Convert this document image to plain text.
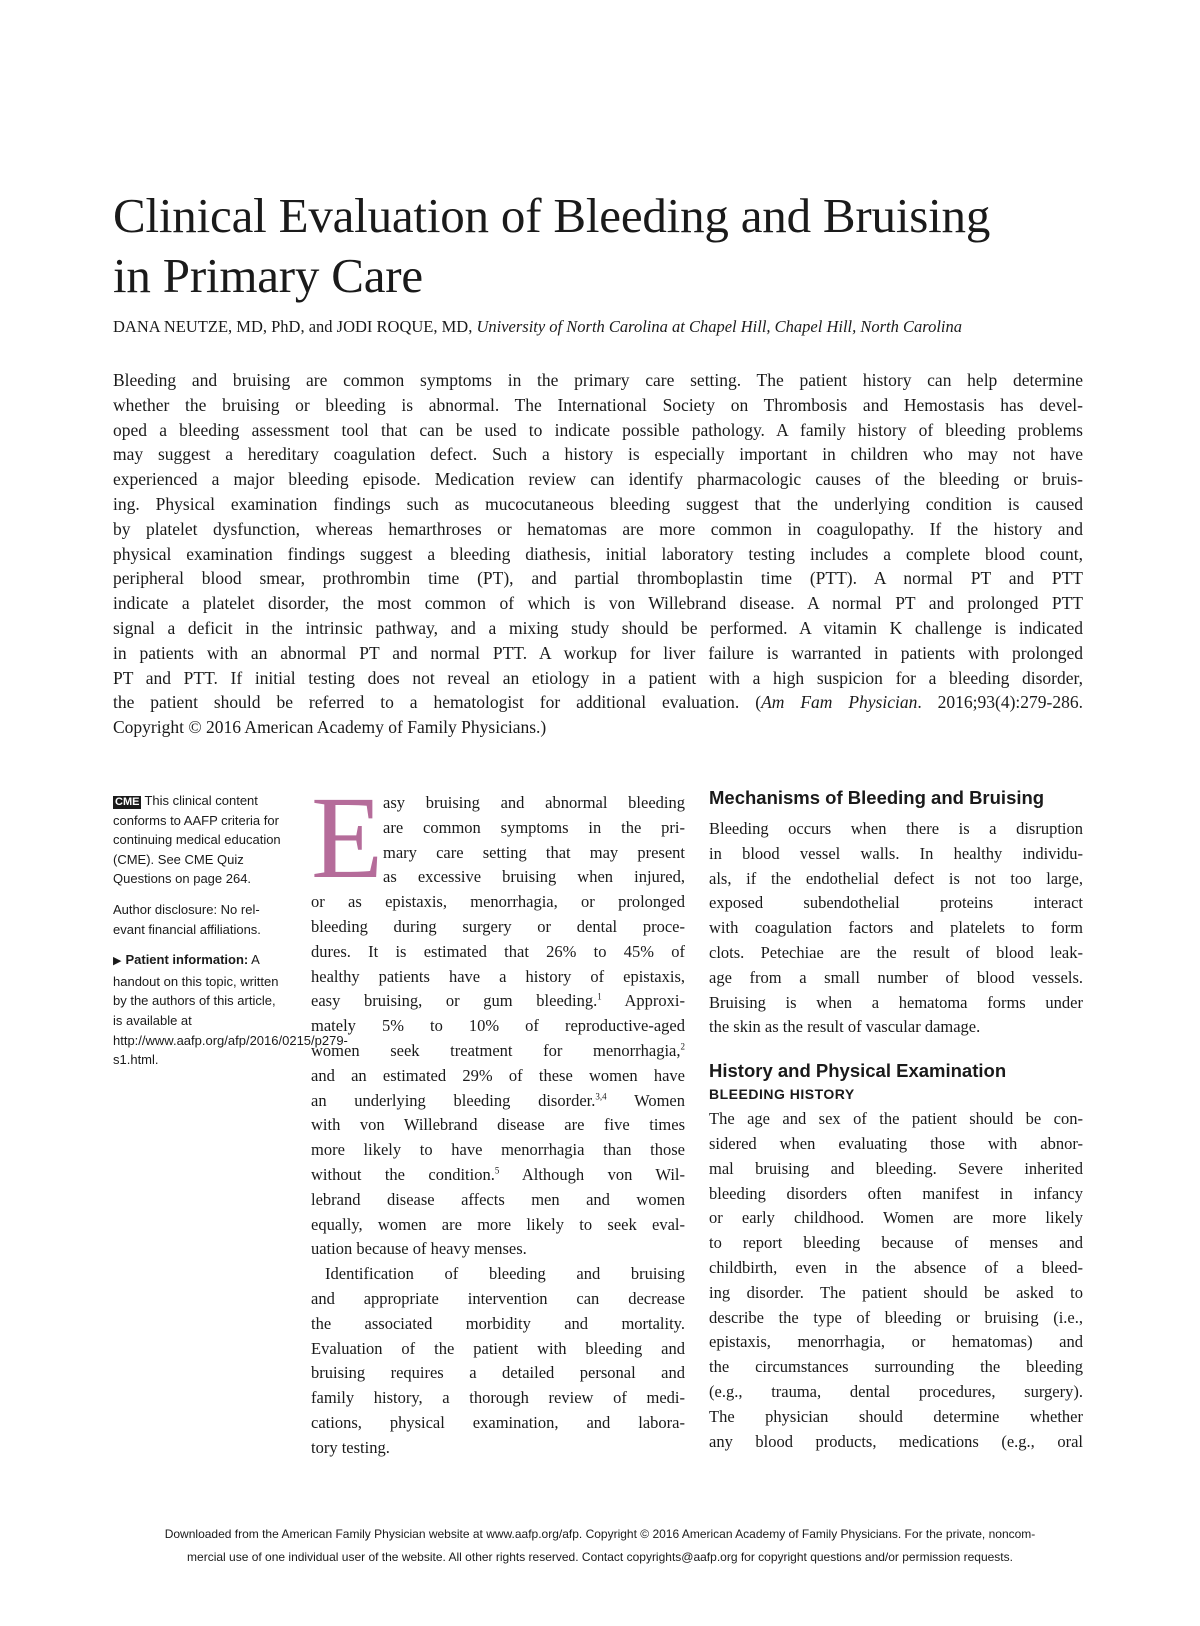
Clinical Evaluation of Bleeding and Bruising
in Primary Care
DANA NEUTZE, MD, PhD, and JODI ROQUE, MD, University of North Carolina at Chapel Hill, Chapel Hill, North Carolina
Bleeding and bruising are common symptoms in the primary care setting. The patient history can help determine
whether the bruising or bleeding is abnormal. The International Society on Thrombosis and Hemostasis has devel-
oped a bleeding assessment tool that can be used to indicate possible pathology. A family history of bleeding problems
may suggest a hereditary coagulation defect. Such a history is especially important in children who may not have
experienced a major bleeding episode. Medication review can identify pharmacologic causes of the bleeding or bruis-
ing. Physical examination findings such as mucocutaneous bleeding suggest that the underlying condition is caused
by platelet dysfunction, whereas hemarthroses or hematomas are more common in coagulopathy. If the history and
physical examination findings suggest a bleeding diathesis, initial laboratory testing includes a complete blood count,
peripheral blood smear, prothrombin time (PT), and partial thromboplastin time (PTT). A normal PT and PTT
indicate a platelet disorder, the most common of which is von Willebrand disease. A normal PT and prolonged PTT
signal a deficit in the intrinsic pathway, and a mixing study should be performed. A vitamin K challenge is indicated
in patients with an abnormal PT and normal PTT. A workup for liver failure is warranted in patients with prolonged
PT and PTT. If initial testing does not reveal an etiology in a patient with a high suspicion for a bleeding disorder,
the patient should be referred to a hematologist for additional evaluation. (Am Fam Physician. 2016;93(4):279-286.
Copyright © 2016 American Academy of Family Physicians.)

CME This clinical content conforms to AAFP criteria for continuing medical education (CME). See CME Quiz Questions on page 264.

Author disclosure: No rel-evant financial affiliations.

▶ Patient information: A handout on this topic, written by the authors of this article, is available at http://www.aafp.org/afp/2016/0215/p279-s1.html.

E asy bruising and abnormal bleeding
are common symptoms in the pri-
mary care setting that may present
as excessive bruising when injured,
or as epistaxis, menorrhagia, or prolonged
bleeding during surgery or dental proce-
dures. It is estimated that 26% to 45% of
healthy patients have a history of epistaxis,
easy bruising, or gum bleeding.$^1$ Approxi-
mately 5% to 10% of reproductive-aged
women seek treatment for menorrhagia,$^2$
and an estimated 29% of these women have
an underlying bleeding disorder.$^{3,4}$ Women
with von Willebrand disease are five times
more likely to have menorrhagia than those
without the condition.$^5$ Although von Wil-
lebrand disease affects men and women
equally, women are more likely to seek eval-
uation because of heavy menses.
Identification of bleeding and bruising
and appropriate intervention can decrease
the associated morbidity and mortality.
Evaluation of the patient with bleeding and
bruising requires a detailed personal and
family history, a thorough review of medi-
cations, physical examination, and labora-
tory testing.
Mechanisms of Bleeding and Bruising
Bleeding occurs when there is a disruption
in blood vessel walls. In healthy individu-
als, if the endothelial defect is not too large,
exposed subendothelial proteins interact
with coagulation factors and platelets to form
clots. Petechiae are the result of blood leak-
age from a small number of blood vessels.
Bruising is when a hematoma forms under
the skin as the result of vascular damage.
History and Physical Examination
BLEEDING HISTORY
The age and sex of the patient should be con-
sidered when evaluating those with abnor-
mal bruising and bleeding. Severe inherited
bleeding disorders often manifest in infancy
or early childhood. Women are more likely
to report bleeding because of menses and
childbirth, even in the absence of a bleed-
ing disorder. The patient should be asked to
describe the type of bleeding or bruising (i.e.,
epistaxis, menorrhagia, or hematomas) and
the circumstances surrounding the bleeding
(e.g., trauma, dental procedures, surgery).
The physician should determine whether
any blood products, medications (e.g., oral
Downloaded from the American Family Physician website at www.aafp.org/afp. Copyright © 2016 American Academy of Family Physicians. For the private, noncom-
mercial use of one individual user of the website. All other rights reserved. Contact copyrights@aafp.org for copyright questions and/or permission requests.
